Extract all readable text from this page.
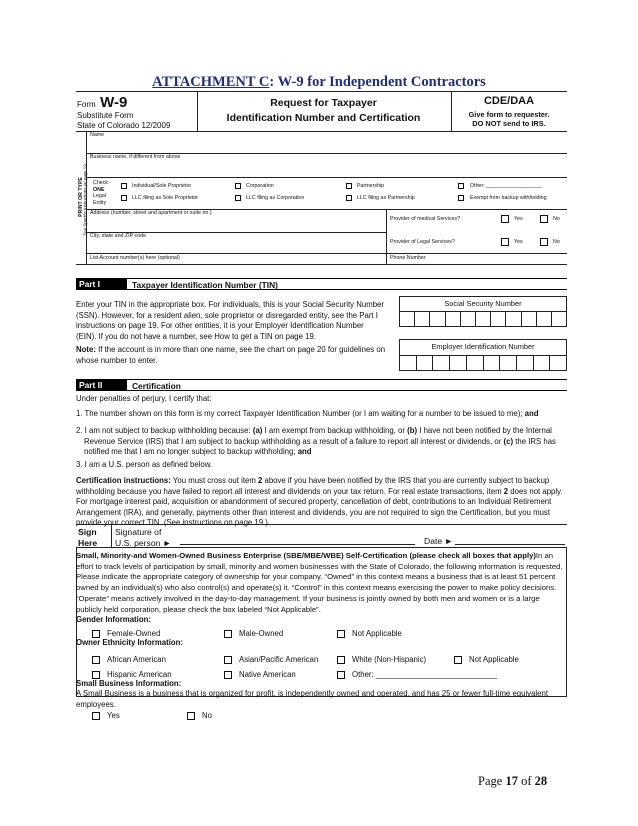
ATTACHMENT C: W-9 for Independent Contractors
Form W-9
Substitute Form
State of Colorado 12/2009
Request for Taxpayer
Identification Number and Certification
CDE/DAA
Give form to requester.
DO NOT send to IRS.
PRINT OR TYPE
See Specific Instructions on page 19
Name
Business name, if different from above
Check
ONE
Legal
Entity
Individual/Sole Proprietor	Corporation	Partnership	Other: ___________________
LLC filing as Sole Proprietor	LLC filing as Corporation	LLC filing as Partnership	Exempt from backup withholding
Address (number, street and apartment or suite no.)
Provider of medical Services?	Yes	No
City, state and ZIP code
Provider of Legal Services?	Yes	No
List Account number(s) here (optional)	Phone Number
Part I	Taxpayer Identification Number (TIN)
Enter your TIN in the appropriate box. For individuals, this is your Social Security Number (SSN). However, for a resident alien, sole proprietor or disregarded entity, see the Part I instructions on page 19. For other entities, it is your Employer Identification Number (EIN). If you do not have a number, see How to get a TIN on page 19.
Note: If the account is in more than one name, see the chart on page 20 for guidelines on whose number to enter.
Social Security Number
Employer Identification Number
Part II	Certification
Under penalties of perjury, I certify that:
1. The number shown on this form is my correct Taxpayer Identification Number (or I am waiting for a number to be issued to me); and
2. I am not subject to backup withholding because: (a) I am exempt from backup withholding, or (b) I have not been notified by the Internal Revenue Service (IRS) that I am subject to backup withholding as a result of a failure to report all interest or dividends, or (c) the IRS has notified me that I am no longer subject to backup withholding; and
3. I am a U.S. person as defined below.
Certification instructions: You must cross out item 2 above if you have been notified by the IRS that you are currently subject to backup withholding because you have failed to report all interest and dividends on your tax return. For real estate transactions, item 2 does not apply. For mortgage interest paid, acquisition or abandonment of secured property, cancellation of debt, contributions to an Individual Retirement Arrangement (IRA), and generally, payments other than interest and dividends, you are not required to sign the Certification, but you must provide your correct TIN. (See instructions on page 19.)
Sign
Here
Signature of
U.S. person ►	Date ►
Small, Minority-and Women-Owned Business Enterprise (SBE/MBE/WBE) Self-Certification (please check all boxes that apply)In an effort to track levels of participation by small, minority and women businesses with the State of Colorado, the following information is requested. Please indicate the appropriate category of ownership for your company. “Owned” in this context means a business that is at least 51 percent owned by an individual(s) who also control(s) and operate(s) it. “Control” in this context means exercising the power to make policy decisions. “Operate” means actively involved in the day-to-day management. If your business is jointly owned by both men and women or is a large publicly held corporation, please check the box labeled “Not Applicable”.
Gender Information:
Female-Owned	Male-Owned	Not Applicable
Owner Ethnicity Information:
African American	Asian/Pacific American	White (Non-Hispanic)	Not Applicable
Hispanic American	Native American	Other: ____________________________
Small Business Information:
A Small Business is a business that is organized for profit, is independently owned and operated, and has 25 or fewer full-time equivalent employees.
Yes	No
Page 17 of 28
